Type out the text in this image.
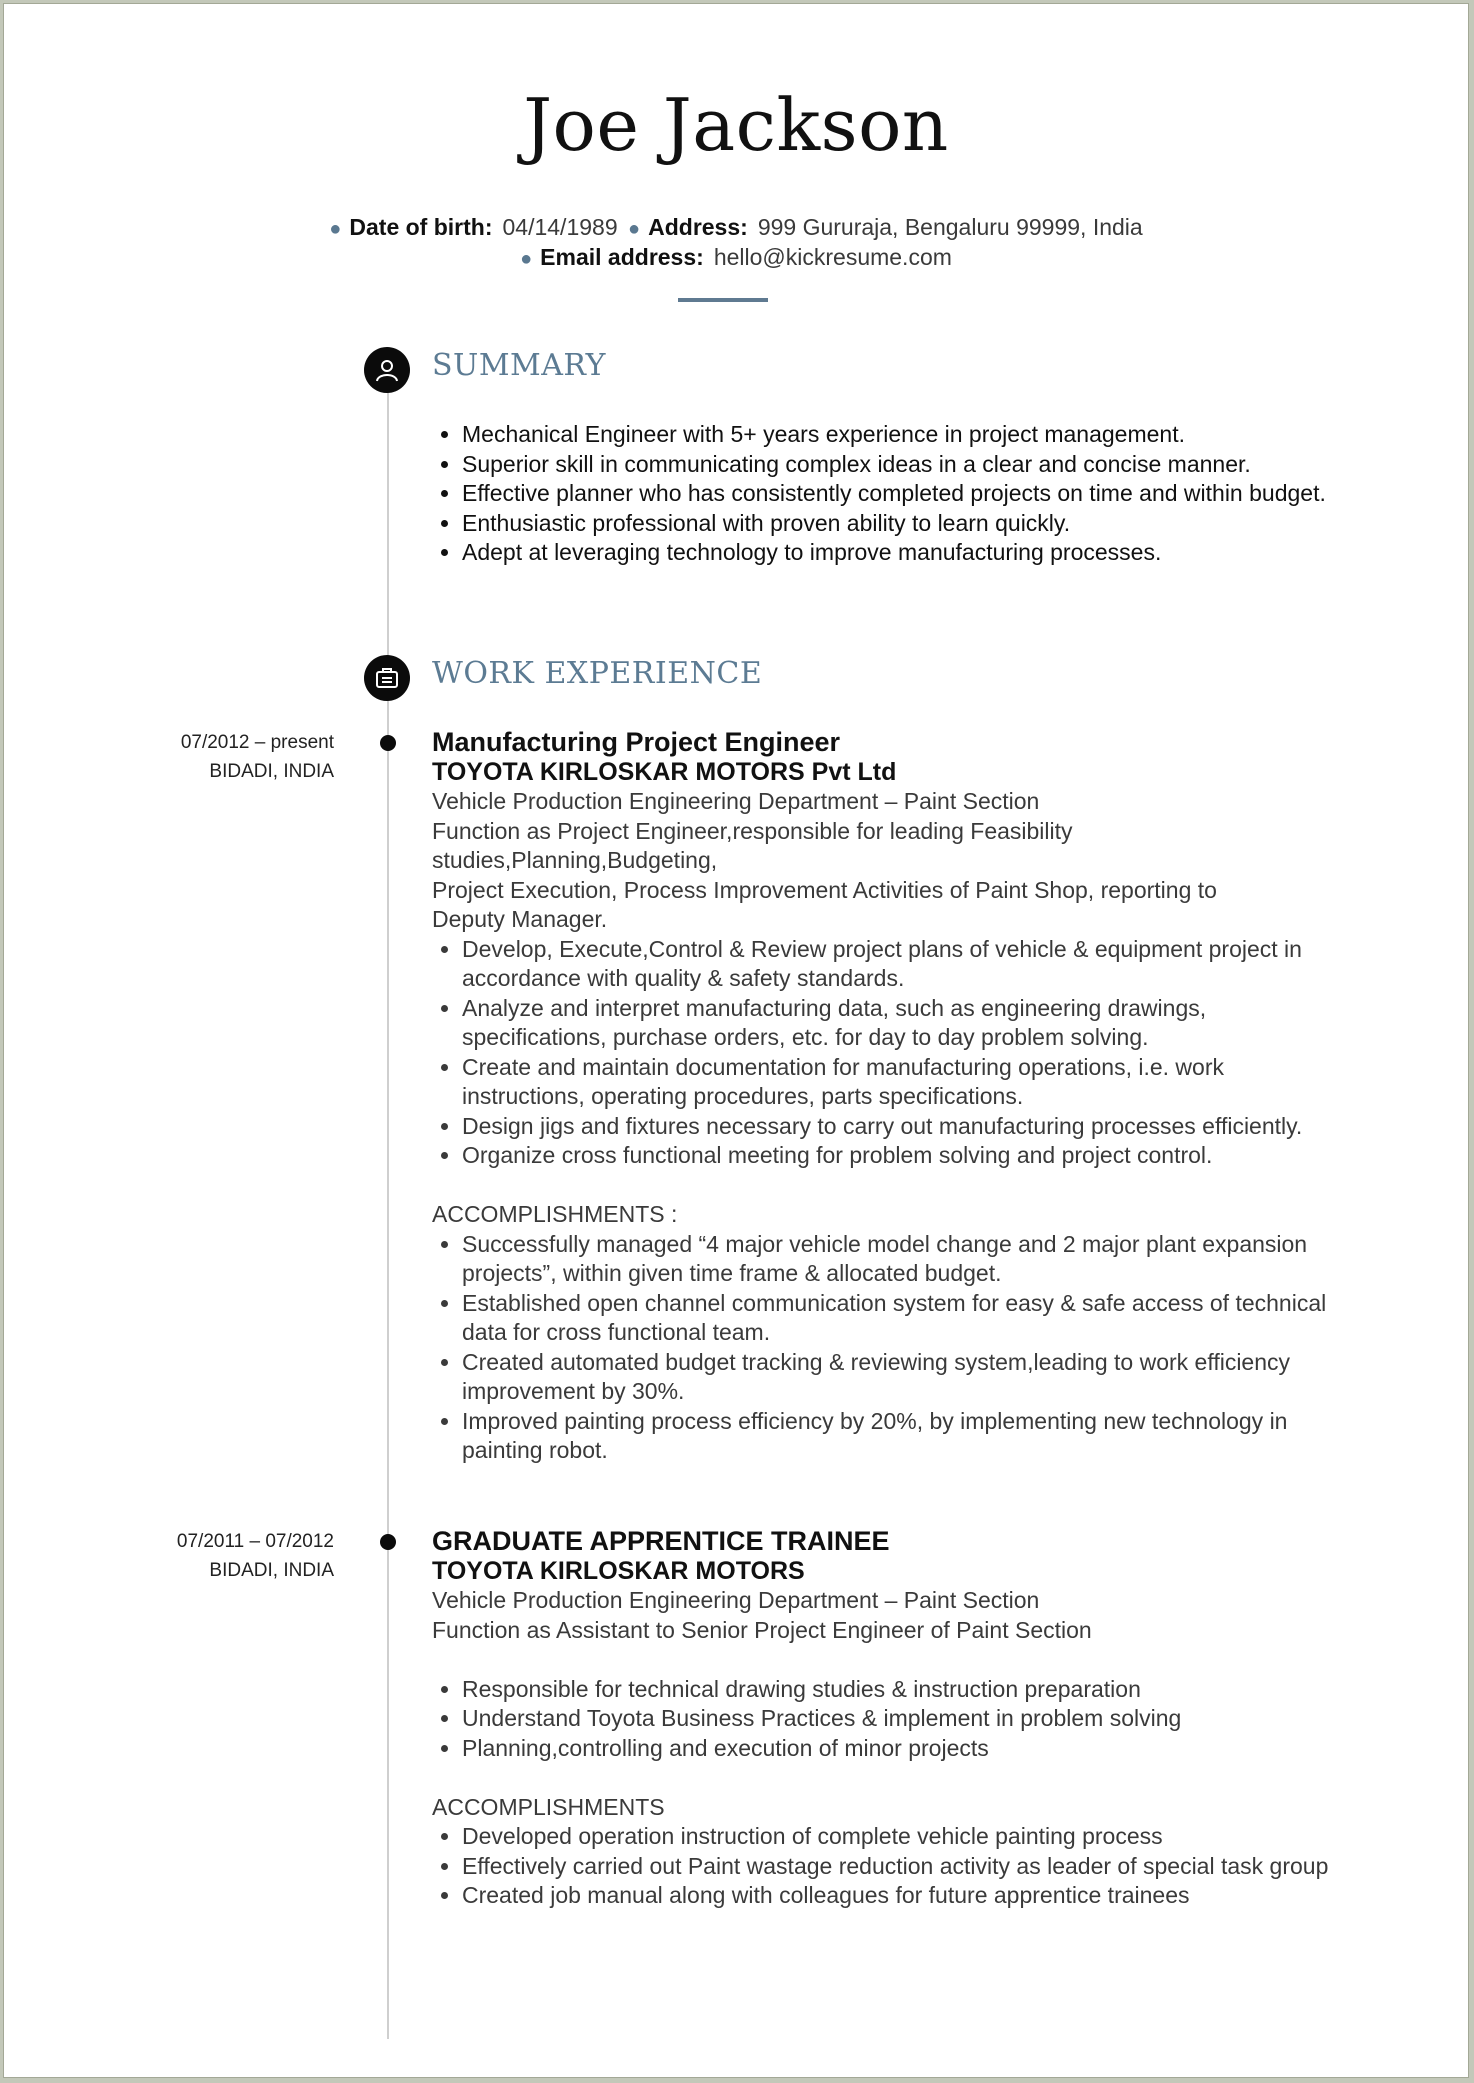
Joe Jackson
● Date of birth: 04/14/1989 ● Address: 999 Gururaja, Bengaluru 99999, India
● Email address: hello@kickresume.com
SUMMARY
• Mechanical Engineer with 5+ years experience in project management.
• Superior skill in communicating complex ideas in a clear and concise manner.
• Effective planner who has consistently completed projects on time and within budget.
• Enthusiastic professional with proven ability to learn quickly.
• Adept at leveraging technology to improve manufacturing processes.
WORK EXPERIENCE
07/2012 – present
BIDADI, INDIA
Manufacturing Project Engineer
TOYOTA KIRLOSKAR MOTORS Pvt Ltd

Vehicle Production Engineering Department – Paint Section

Function as Project Engineer,responsible for leading Feasibility studies,Planning,Budgeting,

Project Execution, Process Improvement Activities of Paint Shop, reporting to Deputy Manager.

• Develop, Execute,Control & Review project plans of vehicle & equipment project in accordance with quality & safety standards.
• Analyze and interpret manufacturing data, such as engineering drawings, specifications, purchase orders, etc. for day to day problem solving.
• Create and maintain documentation for manufacturing operations, i.e. work instructions, operating procedures, parts specifications.
• Design jigs and fixtures necessary to carry out manufacturing processes efficiently.
• Organize cross functional meeting for problem solving and project control.

ACCOMPLISHMENTS :

• Successfully managed “4 major vehicle model change and 2 major plant expansion projects”, within given time frame & allocated budget.
• Established open channel communication system for easy & safe access of technical data for cross functional team.
• Created automated budget tracking & reviewing system,leading to work efficiency improvement by 30%.
• Improved painting process efficiency by 20%, by implementing new technology in painting robot.
07/2011 – 07/2012
BIDADI, INDIA
GRADUATE APPRENTICE TRAINEE
TOYOTA KIRLOSKAR MOTORS

Vehicle Production Engineering Department – Paint Section

Function as Assistant to Senior Project Engineer of Paint Section

• Responsible for technical drawing studies & instruction preparation
• Understand Toyota Business Practices & implement in problem solving
• Planning,controlling and execution of minor projects

ACCOMPLISHMENTS

• Developed operation instruction of complete vehicle painting process
• Effectively carried out Paint wastage reduction activity as leader of special task group
• Created job manual along with colleagues for future apprentice trainees
